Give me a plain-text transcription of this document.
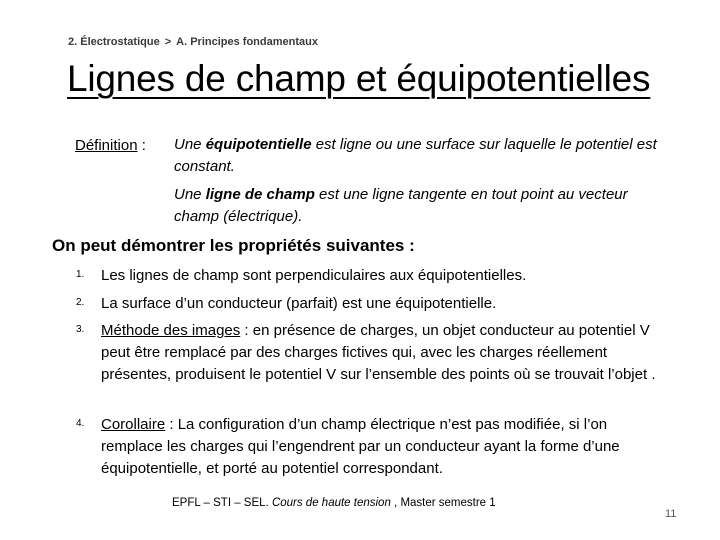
2. Électrostatique > A. Principes fondamentaux
Lignes de champ et équipotentielles
Définition : Une équipotentielle est ligne ou une surface sur laquelle le potentiel est constant.
Une ligne de champ est une ligne tangente en tout point au vecteur champ (électrique).
On peut démontrer les propriétés suivantes :
1. Les lignes de champ sont perpendiculaires aux équipotentielles.
2. La surface d’un conducteur (parfait) est une équipotentielle.
3. Méthode des images : en présence de charges, un objet conducteur au potentiel V peut être remplacé par des charges fictives qui, avec les charges réellement présentes, produisent le potentiel V sur l’ensemble des points où se trouvait l’objet .
4. Corollaire : La configuration d’un champ électrique n’est pas modifiée, si l’on remplace les charges qui l’engendrent par un conducteur ayant la forme d’une équipotentielle, et porté au potentiel correspondant.
EPFL – STI – SEL. Cours de haute tension , Master semestre 1
11
